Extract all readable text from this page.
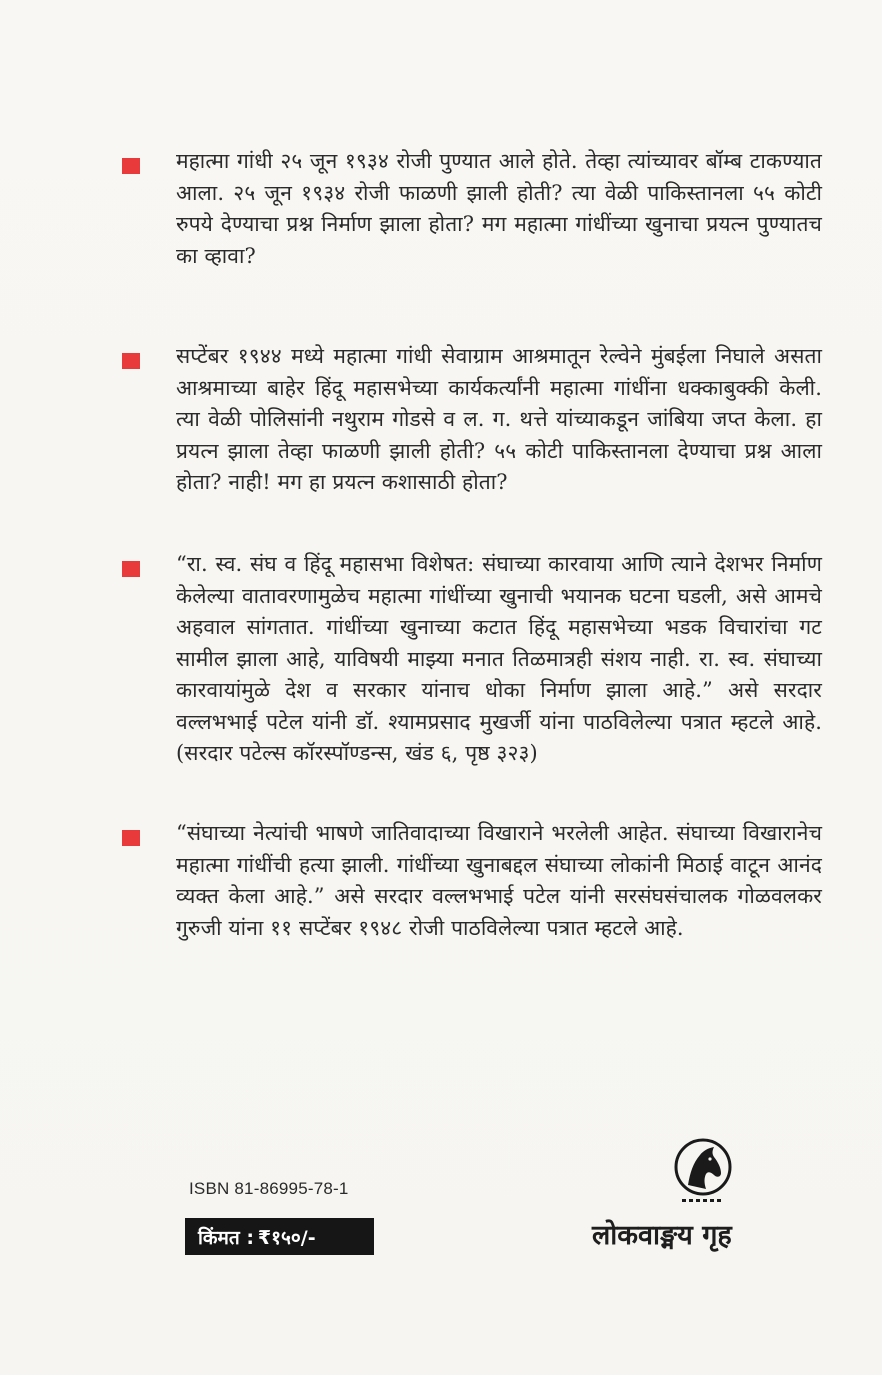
महात्मा गांधी २५ जून १९३४ रोजी पुण्यात आले होते. तेव्हा त्यांच्यावर बॉम्ब टाकण्यात आला. २५ जून १९३४ रोजी फाळणी झाली होती? त्या वेळी पाकिस्तानला ५५ कोटी रुपये देण्याचा प्रश्न निर्माण झाला होता? मग महात्मा गांधींच्या खुनाचा प्रयत्न पुण्यातच का व्हावा?
सप्टेंबर १९४४ मध्ये महात्मा गांधी सेवाग्राम आश्रमातून रेल्वेने मुंबईला निघाले असता आश्रमाच्या बाहेर हिंदू महासभेच्या कार्यकर्त्यांनी महात्मा गांधींना धक्काबुक्की केली. त्या वेळी पोलिसांनी नथुराम गोडसे व ल. ग. थत्ते यांच्याकडून जांबिया जप्त केला. हा प्रयत्न झाला तेव्हा फाळणी झाली होती? ५५ कोटी पाकिस्तानला देण्याचा प्रश्न आला होता? नाही! मग हा प्रयत्न कशासाठी होता?
“रा. स्व. संघ व हिंदू महासभा विशेषत: संघाच्या कारवाया आणि त्याने देशभर निर्माण केलेल्या वातावरणामुळेच महात्मा गांधींच्या खुनाची भयानक घटना घडली, असे आमचे अहवाल सांगतात. गांधींच्या खुनाच्या कटात हिंदू महासभेच्या भडक विचारांचा गट सामील झाला आहे, याविषयी माझ्या मनात तिळमात्रही संशय नाही. रा. स्व. संघाच्या कारवायांमुळे देश व सरकार यांनाच धोका निर्माण झाला आहे.” असे सरदार वल्लभभाई पटेल यांनी डॉ. श्यामप्रसाद मुखर्जी यांना पाठविलेल्या पत्रात म्हटले आहे. (सरदार पटेल्स कॉरस्पॉण्डन्स, खंड ६, पृष्ठ ३२३)
“संघाच्या नेत्यांची भाषणे जातिवादाच्या विखाराने भरलेली आहेत. संघाच्या विखारानेच महात्मा गांधींची हत्या झाली. गांधींच्या खुनाबद्दल संघाच्या लोकांनी मिठाई वाटून आनंद व्यक्त केला आहे.” असे सरदार वल्लभभाई पटेल यांनी सरसंघसंचालक गोळवलकर गुरुजी यांना ११ सप्टेंबर १९४८ रोजी पाठविलेल्या पत्रात म्हटले आहे.
ISBN 81-86995-78-1
किंमत : ₹१५०/-	लोकवाङ्मय गृह
